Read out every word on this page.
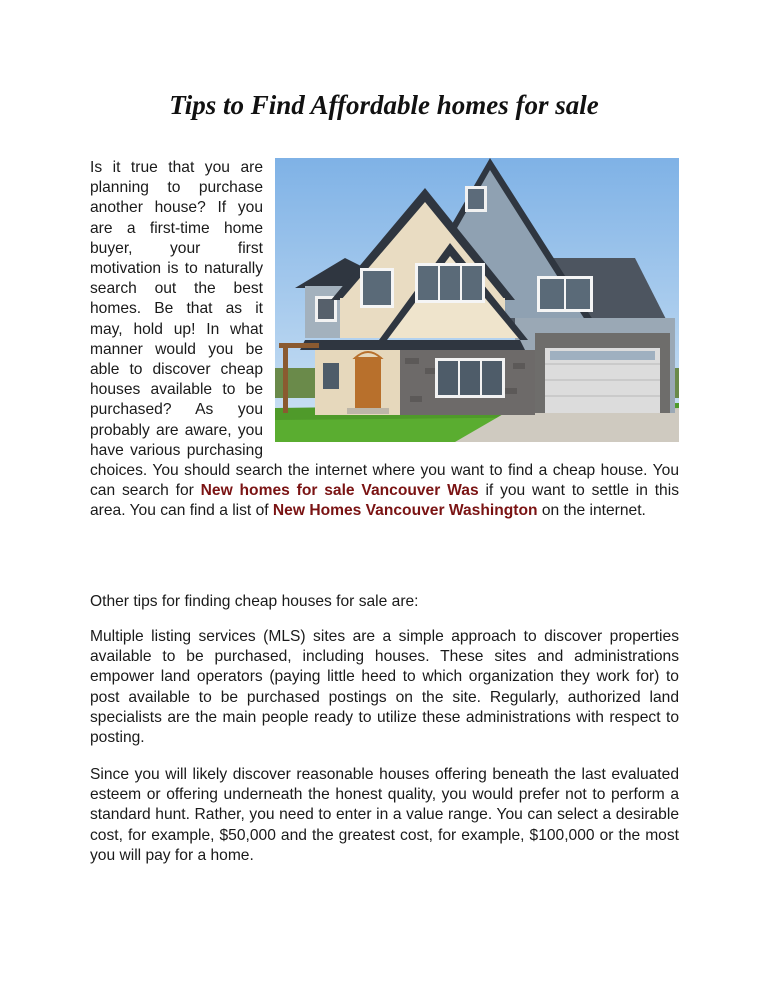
Tips to Find Affordable homes for sale

Is it true that you are planning to purchase another house? If you are a first-time home buyer, your first motivation is to naturally search out the best homes. Be that as it may, hold up! In what manner would you be able to discover cheap houses available to be purchased? As you probably are aware, you have various purchasing choices. You should search the internet where you want to find a cheap house. You can search for New homes for sale Vancouver Was if you want to settle in this area. You can find a list of New Homes Vancouver Washington on the internet.

Other tips for finding cheap houses for sale are:

Multiple listing services (MLS) sites are a simple approach to discover properties available to be purchased, including houses. These sites and administrations empower land operators (paying little heed to which organization they work for) to post available to be purchased postings on the site. Regularly, authorized land specialists are the main people ready to utilize these administrations with respect to posting.

Since you will likely discover reasonable houses offering beneath the last evaluated esteem or offering underneath the honest quality, you would prefer not to perform a standard hunt. Rather, you need to enter in a value range. You can select a desirable cost, for example, $50,000 and the greatest cost, for example, $100,000 or the most you will pay for a home.
